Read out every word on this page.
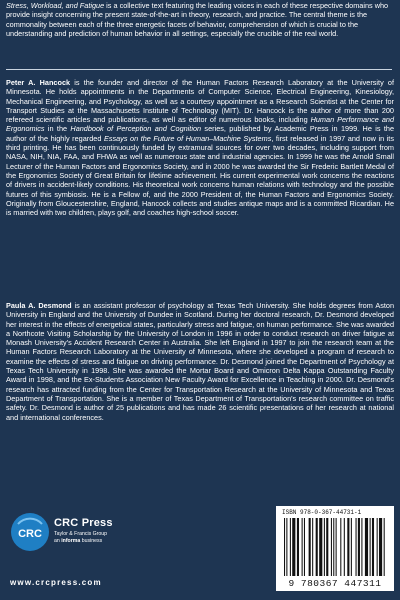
Stress, Workload, and Fatigue is a collective text featuring the leading voices in each of these respective domains who provide insight concerning the present state-of-the-art in theory, research, and practice. The central theme is the commonality between each of the three energetic facets of behavior, comprehension of which is crucial to the understanding and prediction of human behavior in all settings, especially the crucible of the real world.

Peter A. Hancock is the founder and director of the Human Factors Research Laboratory at the University of Minnesota. He holds appointments in the Departments of Computer Science, Electrical Engineering, Kinesiology, Mechanical Engineering, and Psychology, as well as a courtesy appointment as a Research Scientist at the Center for Transport Studies at the Massachusetts Institute of Technology (MIT). Dr. Hancock is the author of more than 200 refereed scientific articles and publications, as well as editor of numerous books, including Human Performance and Ergonomics in the Handbook of Perception and Cognition series, published by Academic Press in 1999. He is the author of the highly regarded Essays on the Future of Human–Machine Systems, first released in 1997 and now in its third printing. He has been continuously funded by extramural sources for over two decades, including support from NASA, NIH, NIA, FAA, and FHWA as well as numerous state and industrial agencies. In 1999 he was the Arnold Small Lecturer of the Human Factors and Ergonomics Society, and in 2000 he was awarded the Sir Frederic Bartlett Medal of the Ergonomics Society of Great Britain for lifetime achievement. His current experimental work concerns the reactions of drivers in accident-likely conditions. His theoretical work concerns human relations with technology and the possible futures of this symbiosis. He is a Fellow of, and the 2000 President of, the Human Factors and Ergonomics Society. Originally from Gloucestershire, England, Hancock collects and studies antique maps and is a committed Ricardian. He is married with two children, plays golf, and coaches high-school soccer.

Paula A. Desmond is an assistant professor of psychology at Texas Tech University. She holds degrees from Aston University in England and the University of Dundee in Scotland. During her doctoral research, Dr. Desmond developed her interest in the effects of energetical states, particularly stress and fatigue, on human performance. She was awarded a Northcote Visiting Scholarship by the University of London in 1996 in order to conduct research on driver fatigue at Monash University's Accident Research Center in Australia. She left England in 1997 to join the research team at the Human Factors Research Laboratory at the University of Minnesota, where she developed a program of research to examine the effects of stress and fatigue on driving performance. Dr. Desmond joined the Department of Psychology at Texas Tech University in 1998. She was awarded the Mortar Board and Omicron Delta Kappa Outstanding Faculty Award in 1998, and the Ex-Students Association New Faculty Award for Excellence in Teaching in 2000. Dr. Desmond's research has attracted funding from the Center for Transportation Research at the University of Minnesota and Texas Department of Transportation. She is a member of Texas Department of Transportation's research committee on traffic safety. Dr. Desmond is author of 25 publications and has made 26 scientific presentations of her research at national and international conferences.

CRC
CRC Press
Taylor & Francis Group
an informa business
www.crcpress.com
ISBN 978-0-367-44731-1
9 780367 447311
